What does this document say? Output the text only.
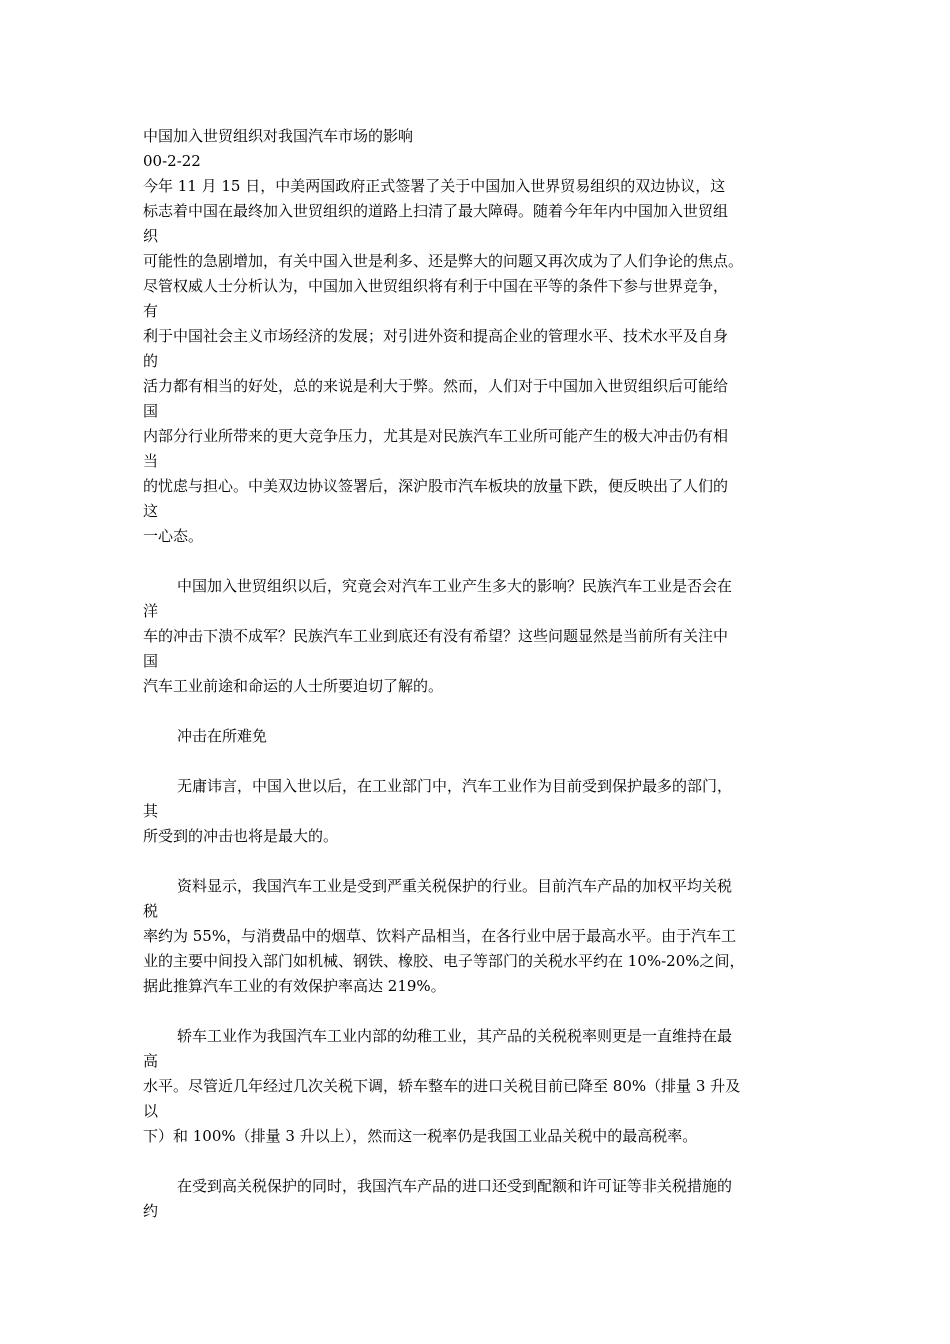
中国加入世贸组织对我国汽车市场的影响
00-2-22
今年 11 月 15 日，中美两国政府正式签署了关于中国加入世界贸易组织的双边协议，这
标志着中国在最终加入世贸组织的道路上扫清了最大障碍。随着今年年内中国加入世贸组
织
可能性的急剧增加，有关中国入世是利多、还是弊大的问题又再次成为了人们争论的焦点。
尽管权威人士分析认为，中国加入世贸组织将有利于中国在平等的条件下参与世界竞争，
有
利于中国社会主义市场经济的发展；对引进外资和提高企业的管理水平、技术水平及自身
的
活力都有相当的好处，总的来说是利大于弊。然而，人们对于中国加入世贸组织后可能给
国
内部分行业所带来的更大竞争压力，尤其是对民族汽车工业所可能产生的极大冲击仍有相
当
的忧虑与担心。中美双边协议签署后，深沪股市汽车板块的放量下跌，便反映出了人们的
这
一心态。
中国加入世贸组织以后，究竟会对汽车工业产生多大的影响？民族汽车工业是否会在
洋
车的冲击下溃不成军？民族汽车工业到底还有没有希望？这些问题显然是当前所有关注中
国
汽车工业前途和命运的人士所要迫切了解的。
冲击在所难免
无庸讳言，中国入世以后，在工业部门中，汽车工业作为目前受到保护最多的部门，
其
所受到的冲击也将是最大的。
资料显示，我国汽车工业是受到严重关税保护的行业。目前汽车产品的加权平均关税
税
率约为 55%，与消费品中的烟草、饮料产品相当，在各行业中居于最高水平。由于汽车工
业的主要中间投入部门如机械、钢铁、橡胶、电子等部门的关税水平约在 10%-20%之间，
据此推算汽车工业的有效保护率高达 219%。
轿车工业作为我国汽车工业内部的幼稚工业，其产品的关税税率则更是一直维持在最
高
水平。尽管近几年经过几次关税下调，轿车整车的进口关税目前已降至 80%（排量 3 升及
以
下）和 100%（排量 3 升以上），然而这一税率仍是我国工业品关税中的最高税率。
在受到高关税保护的同时，我国汽车产品的进口还受到配额和许可证等非关税措施的
约
